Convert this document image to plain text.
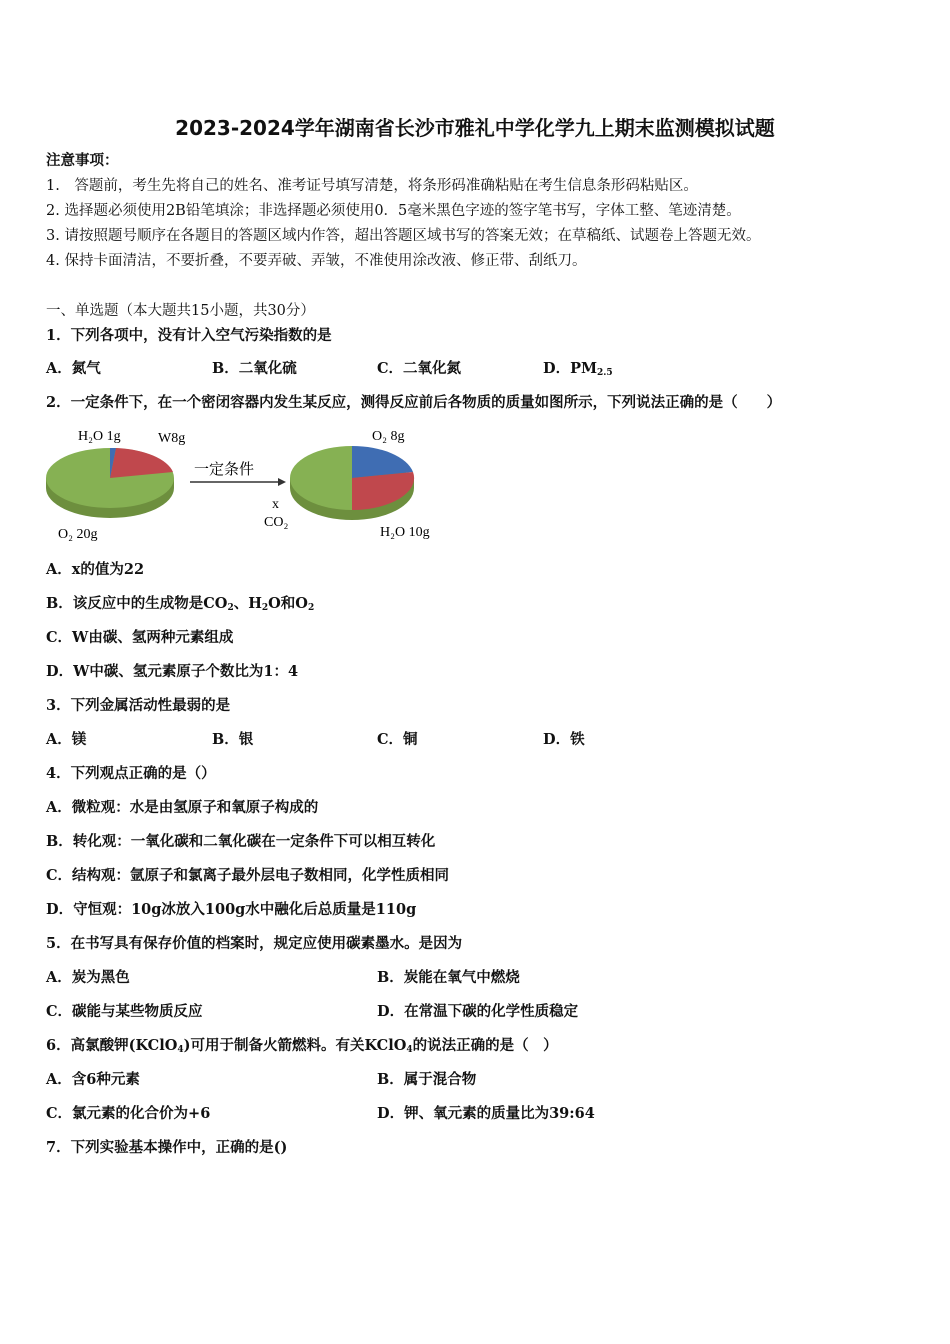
2023-2024学年湖南省长沙市雅礼中学化学九上期末监测模拟试题
注意事项：
1.　答题前，考生先将自己的姓名、准考证号填写清楚，将条形码准确粘贴在考生信息条形码粘贴区。
2. 选择题必须使用2B铅笔填涂；非选择题必须使用0．5毫米黑色字迹的签字笔书写，字体工整、笔迹清楚。
3. 请按照题号顺序在各题目的答题区域内作答，超出答题区域书写的答案无效；在草稿纸、试题卷上答题无效。
4. 保持卡面清洁，不要折叠，不要弄破、弄皱，不准使用涂改液、修正带、刮纸刀。
一、单选题（本大题共15小题，共30分）
1．下列各项中，没有计入空气污染指数的是
A．氮气	B．二氧化硫	C．二氧化氮	D．$PM_{2.5}$
2．一定条件下，在一个密闭容器内发生某反应，测得反应前后各物质的质量如图所示，下列说法正确的是（　　）
H₂O 1g	W8g
O₂ 20g
一定条件
O₂ 8g
x
CO₂
H₂O 10g
A．x的值为22
B．该反应中的生成物是$CO_2$、$H_2O$和$O_2$
C．W由碳、氢两种元素组成
D．W中碳、氢元素原子个数比为1：4
3．下列金属活动性最弱的是
A．镁	B．银	C．铜	D．铁
4．下列观点正确的是（）
A．微粒观：水是由氢原子和氧原子构成的
B．转化观：一氧化碳和二氧化碳在一定条件下可以相互转化
C．结构观：氩原子和氯离子最外层电子数相同，化学性质相同
D．守恒观：10g冰放入100g水中融化后总质量是110g
5．在书写具有保存价值的档案时，规定应使用碳素墨水。是因为
A．炭为黑色	B．炭能在氧气中燃烧
C．碳能与某些物质反应	D．在常温下碳的化学性质稳定
6．高氯酸钾(KClO$_4$)可用于制备火箭燃料。有关KClO$_4$的说法正确的是（　）
A．含6种元素	B．属于混合物
C．氯元素的化合价为+6	D．钾、氧元素的质量比为39:64
7．下列实验基本操作中，正确的是()
